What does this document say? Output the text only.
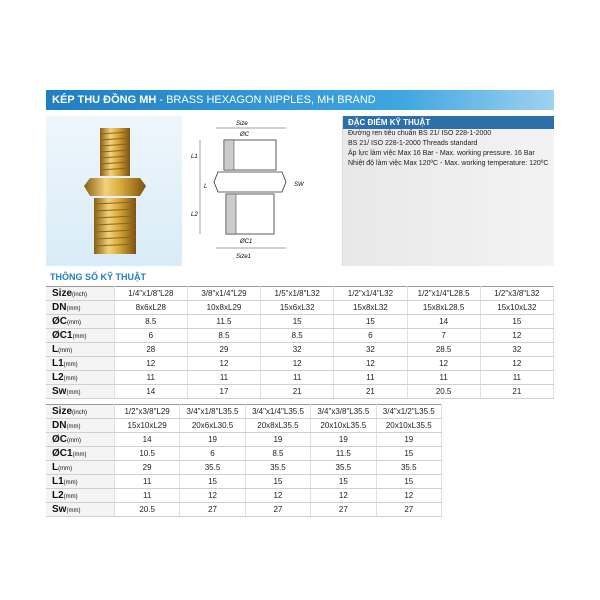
KÉP THU ĐỒNG MH - BRASS HEXAGON NIPPLES, MH BRAND
Size
ØC
ØC1
Size1
L1
L
L2
SW
ĐẶC ĐIỂM KỸ THUẬT
Đường ren tiêu chuẩn BS 21/ ISO 228-1-2000
BS 21/ ISO 228-1-2000 Threads standard
Áp lực làm việc Max 16 Bar - Max. working pressure. 16 Bar
Nhiệt độ làm việc Max 120ºC - Max. working temperature: 120ºC
THÔNG SỐ KỸ THUẬT
Size(inch)	1/4"x1/8"L28	3/8"x1/4"L29	1/5"x1/8"L32	1/2"x1/4"L32	1/2"x1/4"L28.5	1/2"x3/8"L32
DN(mm)	8x6xL28	10x8xL29	15x6xL32	15x8xL32	15x8xL28.5	15x10xL32
ØC(mm)	8.5	11.5	15	15	14	15
ØC1(mm)	6	8.5	8.5	6	7	12
L(mm)	28	29	32	32	28.5	32
L1(mm)	12	12	12	12	12	12
L2(mm)	11	11	11	11	11	11
Sw(mm)	14	17	21	21	20.5	21
Size(inch)	1/2"x3/8"L29	3/4"x1/8"L35.5	3/4"x1/4"L35.5	3/4"x3/8"L35.5	3/4"x1/2"L35.5
DN(mm)	15x10xL29	20x6xL30.5	20x8xL35.5	20x10xL35.5	20x10xL35.5
ØC(mm)	14	19	19	19	19
ØC1(mm)	10.5	6	8.5	11.5	15
L(mm)	29	35.5	35.5	35.5	35.5
L1(mm)	11	15	15	15	15
L2(mm)	11	12	12	12	12
Sw(mm)	20.5	27	27	27	27
